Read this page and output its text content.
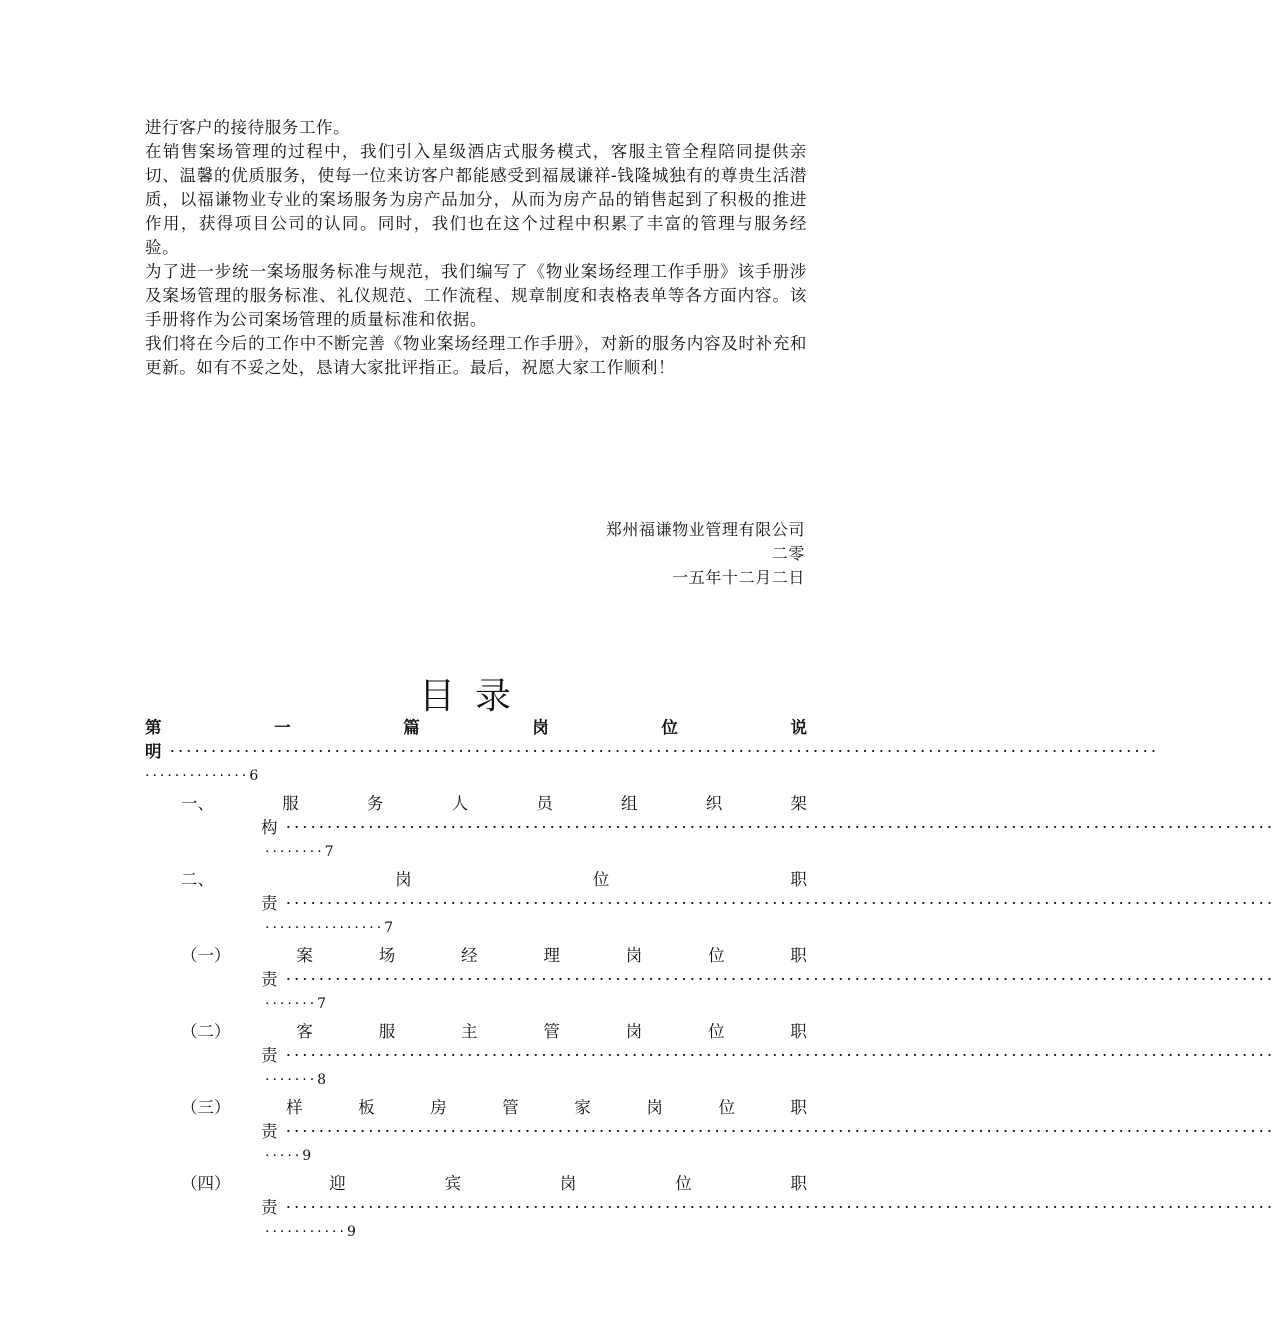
进行客户的接待服务工作。

在销售案场管理的过程中，我们引入星级酒店式服务模式，客服主管全程陪同提供亲切、温馨的优质服务，使每一位来访客户都能感受到福晟谦祥-钱隆城独有的尊贵生活潜质，以福谦物业专业的案场服务为房产品加分，从而为房产品的销售起到了积极的推进作用，获得项目公司的认同。同时，我们也在这个过程中积累了丰富的管理与服务经验。

为了进一步统一案场服务标准与规范，我们编写了《物业案场经理工作手册》该手册涉及案场管理的服务标准、礼仪规范、工作流程、规章制度和表格表单等各方面内容。该手册将作为公司案场管理的质量标准和依据。

我们将在今后的工作中不断完善《物业案场经理工作手册》，对新的服务内容及时补充和更新。如有不妥之处，恳请大家批评指正。最后，祝愿大家工作顺利！

郑州福谦物业管理有限公司
二零
一五年十二月二日
目录
第	一	篇	岗	位	说
明 ························································································································
··············6
一、	服	务	人	员	组	织	架
构 ························································································································
········7
二、	岗	位	职
责 ························································································································
················7
（一）	案	场	经	理	岗	位	职
责 ························································································································
·······7
（二）	客	服	主	管	岗	位	职
责 ························································································································
·······8
（三）	样	板	房	管	家	岗	位	职
责 ························································································································
·····9
（四）	迎	宾	岗	位	职
责 ························································································································
···········9
